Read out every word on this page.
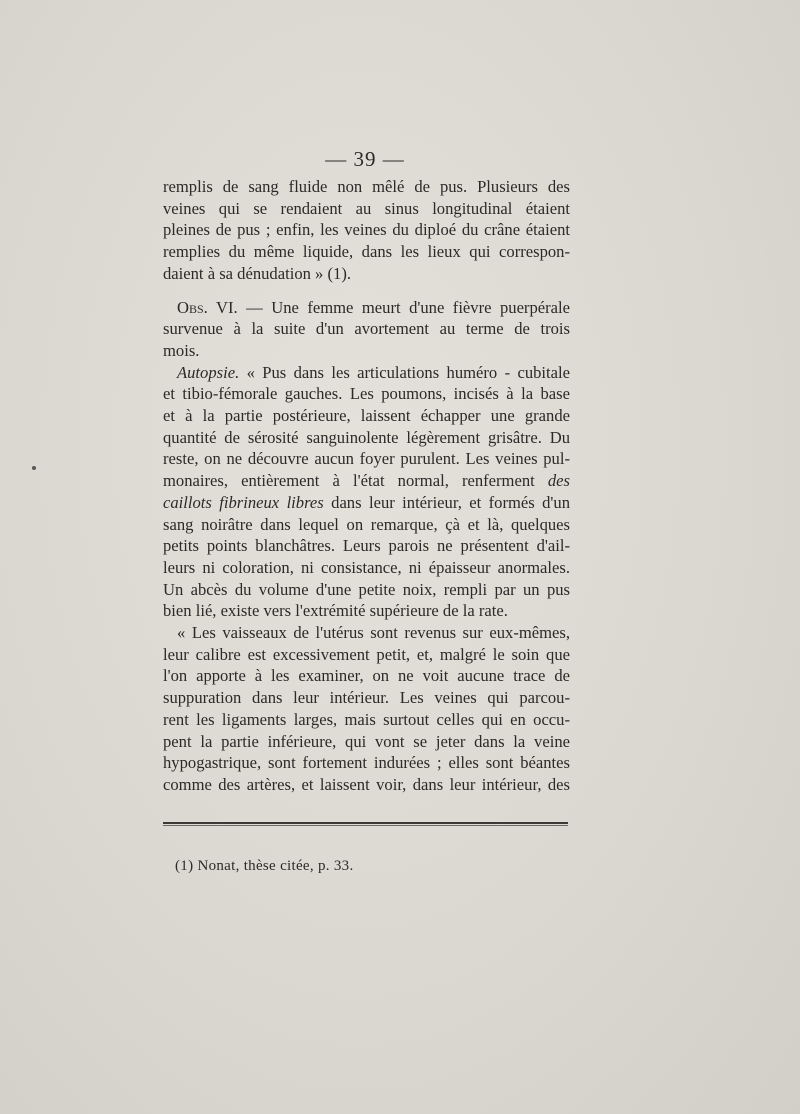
— 39 —
remplis de sang fluide non mêlé de pus. Plusieurs des
veines qui se rendaient au sinus longitudinal étaient
pleines de pus ; enfin, les veines du diploé du crâne étaient
remplies du même liquide, dans les lieux qui correspon-
daient à sa dénudation » (1).
Obs. VI. — Une femme meurt d'une fièvre puerpérale
survenue à la suite d'un avortement au terme de trois
mois.
Autopsie. « Pus dans les articulations huméro - cubitale
et tibio-fémorale gauches. Les poumons, incisés à la base
et à la partie postérieure, laissent échapper une grande
quantité de sérosité sanguinolente légèrement grisâtre. Du
reste, on ne découvre aucun foyer purulent. Les veines pul-
monaires, entièrement à l'état normal, renferment des
caillots fibrineux libres dans leur intérieur, et formés d'un
sang noirâtre dans lequel on remarque, çà et là, quelques
petits points blanchâtres. Leurs parois ne présentent d'ail-
leurs ni coloration, ni consistance, ni épaisseur anormales.
Un abcès du volume d'une petite noix, rempli par un pus
bien lié, existe vers l'extrémité supérieure de la rate.
« Les vaisseaux de l'utérus sont revenus sur eux-mêmes,
leur calibre est excessivement petit, et, malgré le soin que
l'on apporte à les examiner, on ne voit aucune trace de
suppuration dans leur intérieur. Les veines qui parcou-
rent les ligaments larges, mais surtout celles qui en occu-
pent la partie inférieure, qui vont se jeter dans la veine
hypogastrique, sont fortement indurées ; elles sont béantes
comme des artères, et laissent voir, dans leur intérieur, des
(1) Nonat, thèse citée, p. 33.
